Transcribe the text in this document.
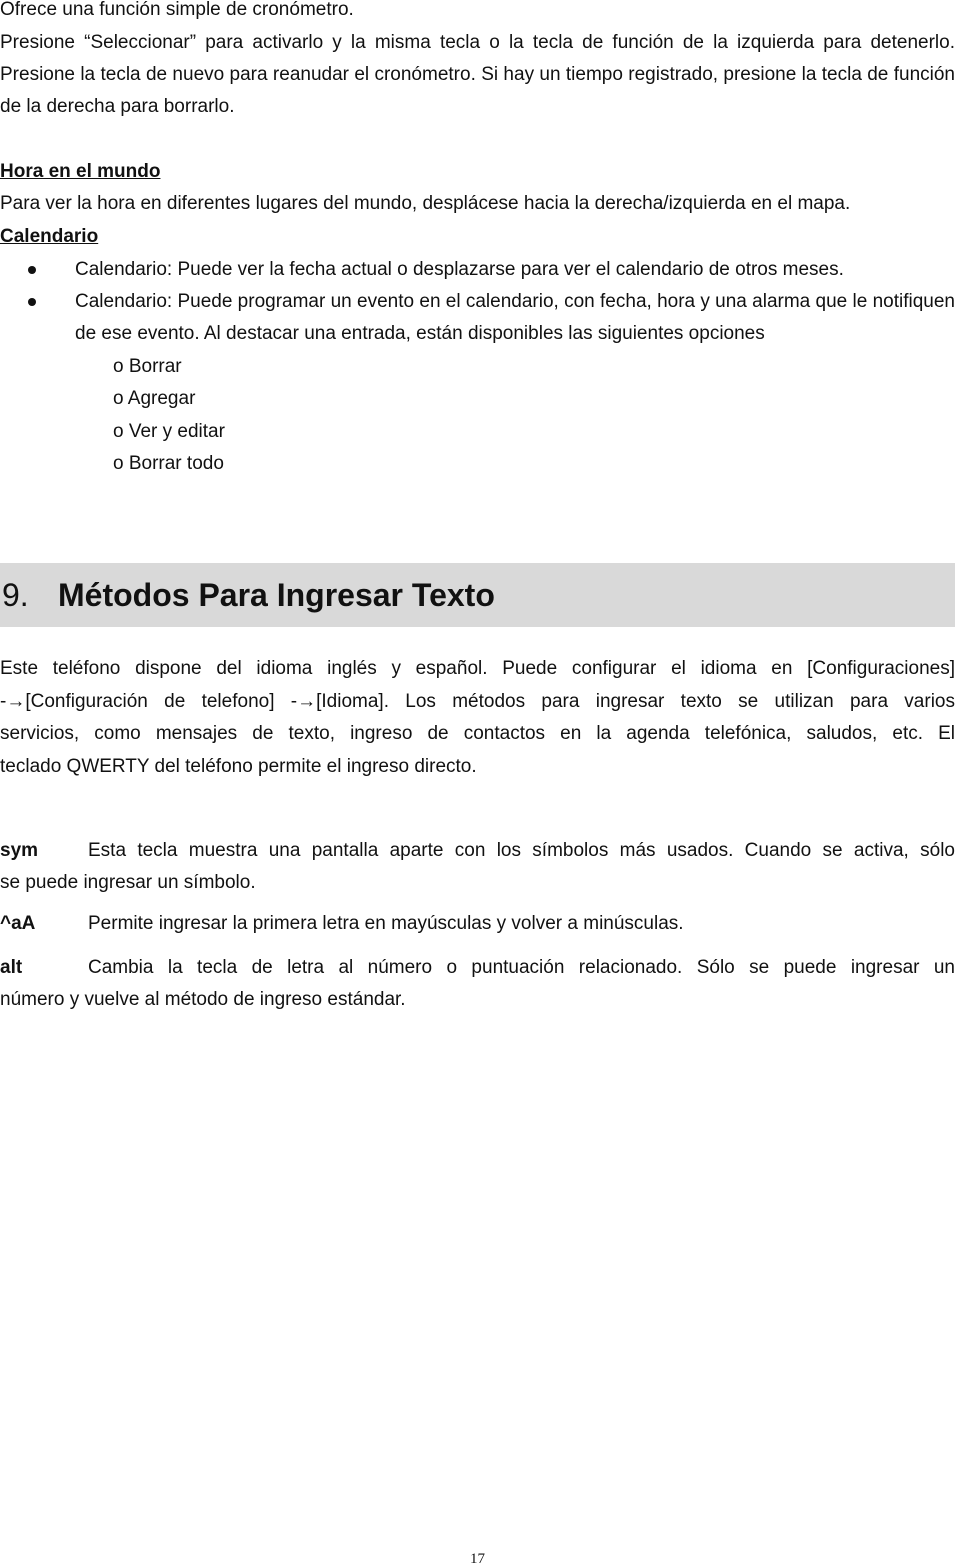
Ofrece una función simple de cronómetro.
Presione “Seleccionar” para activarlo y la misma tecla o la tecla de función de la izquierda para detenerlo. Presione la tecla de nuevo para reanudar el cronómetro. Si hay un tiempo registrado, presione la tecla de función de la derecha para borrarlo.
Hora en el mundo
Para ver la hora en diferentes lugares del mundo, desplácese hacia la derecha/izquierda en el mapa.
Calendario
Calendario: Puede ver la fecha actual o desplazarse para ver el calendario de otros meses.
Calendario: Puede programar un evento en el calendario, con fecha, hora y una alarma que le notifiquen de ese evento. Al destacar una entrada, están disponibles las siguientes opciones
o Borrar
o Agregar
o Ver y editar
o Borrar todo
9. Métodos Para Ingresar Texto
Este teléfono dispone del idioma inglés y español. Puede configurar el idioma en [Configuraciones]
-→[Configuración de telefono] -→[Idioma]. Los métodos para ingresar texto se utilizan para varios
servicios, como mensajes de texto, ingreso de contactos en la agenda telefónica, saludos, etc. El
teclado QWERTY del teléfono permite el ingreso directo.
sym	Esta tecla muestra una pantalla aparte con los símbolos más usados. Cuando se activa, sólo
se puede ingresar un símbolo.
^aA	Permite ingresar la primera letra en mayúsculas y volver a minúsculas.
alt	Cambia la tecla de letra al número o puntuación relacionado. Sólo se puede ingresar un
número y vuelve al método de ingreso estándar.
17
